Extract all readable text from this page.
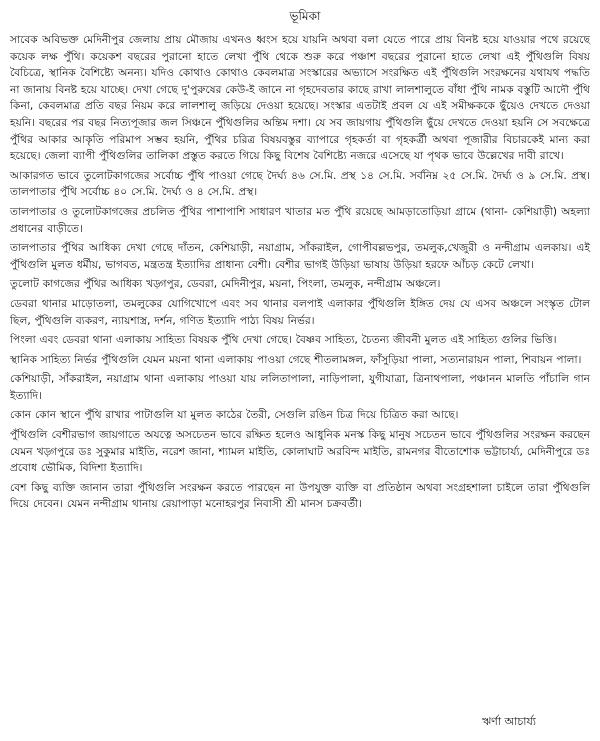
ভূমিকা

সাবেক অবিভক্ত মেদিনীপুর জেলায় প্রায় মৌজায় এখনও ধ্বংস হয়ে যায়নি অথবা বলা যেতে পারে প্রায় বিনষ্ট হয়ে যাওয়ার পথে রয়েছে কয়েক লক্ষ পুঁথি। কয়েকশ বছরের পুরানো হাতে লেখা পুঁথি থেকে শুরু করে পঞ্চাশ বছরের পুরানো হাতে লেখা এই পুঁথিগুলি বিষয় বৈচিত্রে, স্থানিক বৈশিষ্ট্যে অনন্য। যদিও কোথাও কোথাও কেবলমাত্র সংস্কারের অভ্যাসে সংরক্ষিত এই পুঁথিগুলি সংরক্ষনের যথাযথ পদ্ধতি না জানায় বিনষ্ট হয়ে যাচ্ছে। দেখা গেছে দু'পুরুষের কেউ-ই জানে না গৃহদেবতার কাছে রাখা লালশালুতে বাঁধা পুঁথি নামক বস্তুটি আদৌ পুঁথি কিনা, কেবলমাত্র প্রতি বছর নিয়ম করে লালশালু জড়িয়ে দেওয়া হয়েছে। সংস্কার এতটাই প্রবল যে এই সমীক্ষককে ছুঁয়েও দেখতে দেওয়া হয়নি। বছরের পর বছর নিত্যপূজার জল সিঞ্চনে পুঁথিগুলির অন্তিম দশা। যে সব জায়গায় পুঁথিগুলি ছুঁয়ে দেখতে দেওয়া হয়নি সে সবক্ষেত্রে পুঁথির আকার আকৃতি পরিমাপ সম্ভব হয়নি, পুঁথির চরিত্র বিষয়বস্তুর ব্যাপারে গৃহকর্তা বা গৃহকর্ত্রী অথবা পূজারীর বিচারকেই মান্য করা হয়েছে। জেলা ব্যাপী পুঁথিগুলির তালিকা প্রস্তুত করতে গিয়ে কিছু বিশেষ বৈশিষ্ট্যে নজরে এসেছে যা পৃথক ভাবে উল্লেখের দাবী রাখে।

আকারগত ভাবে তুলোটকাগজের সর্বোচ্চ পুঁথি পাওয়া গেছে দৈর্ঘ্য ৪৬ সে.মি. প্রস্থ ১৪ সে.মি. সর্বনিম্ন ২৫ সে.মি. দৈর্ঘ্য ও ৯ সে.মি. প্রস্থ। তালপাতার পুঁথি সর্বোচ্চ ৪০ সে.মি. দৈর্ঘ্য ও ৪ সে.মি. প্রস্থ।

তালপাতার ও তুলোটকাগজের প্রচলিত পুঁথির পাশাপাশি সাধারণ খাতার মত পুঁথি রয়েছে আমড়াতোড়িয়া গ্রামে (থানা- কেশিয়াড়ী) অহল্যা প্রধানের বাড়ীতে।

তালপাতার পুঁথির আধিক্য দেখা গেছে দাঁতন, কেশিয়াড়ী, নয়াগ্রাম, সাঁকরাইল, গোপীবল্লভপুর, তমলুক,খেজুরী ও নন্দীগ্রাম এলকায়। এই পুঁথিগুলি মুলত ধর্মীয়, ভাগবত, মন্ত্রতন্ত্র ইত্যাদির প্রাধান্য বেশী। বেশীর ভাগই উড়িয়া ভাষায় উড়িয়া হরফে আঁচড় কেটে লেখা।

তুলোট কাগজের পুঁথির আধিক্য খড়্গপুর, ডেবরা, মেদিনীপুর, ময়না, পিংলা, তমলুক, নন্দীগ্রাম অঞ্চলে।

ডেবরা থানার মাড়োতলা, তমলুকের যোগিখোপে এবং সব থানার বলপাই এলাকার পুঁথিগুলি ইঙ্গিত দেয় যে এসব অঞ্চলে সংস্কৃত টোল ছিল, পুঁথিগুলি ব্যকরণ, ন্যায়শাস্ত্র, দর্শন, গণিত ইত্যাদি পাঠ্য বিষয় নির্ভর।

পিংলা এবং ডেবরা থানা এলাকায় সাহিত্য বিষয়ক পুঁথি দেখা গেছে। বৈষ্ণব সাহিত্য, চৈতন্য জীবনী মুলত এই সাহিত্য গুলির ভিত্তি।

স্থানিক সাহিত্য নির্ভর পুঁথিগুলি যেমন ময়না থানা এলাকায় পাওয়া গেছে শীতলামঙ্গল, ফাঁসুড়িয়া পালা, সত্যনারায়ন পালা, শিবায়ন পালা।

কেশিয়াড়ী, সাঁকরাইল, নয়াগ্রাম থানা এলাকায় পাওয়া যায় ললিতাপালা, নাড়িপালা, যুগীযাত্রা, ত্রিনাথপালা, পঞ্চানন মালতি পাঁচালি গান ইত্যাদি।

কোন কোন স্থানে পুঁথি রাখার পাটাগুলি যা মুলত কাঠের তৈরী, সেগুলি রঙিন চিত্র দিয়ে চিত্রিত করা আছে।

পুঁথিগুলি বেশীরভাগ জায়গাতে অযত্নে অসচেতন ভাবে রক্ষিত হলেও আধুনিক মনস্ক কিছু মানুষ সচেতন ভাবে পুঁথিগুলির সংরক্ষন করছেন যেমন খড়্গপুরে ডঃ সুকুমার মাইতি, নরেশ জানা, শ্যামল মাইতি, কোলাঘাট অরবিন্দ মাইতি, রামনগর বীতোশোক ভট্টাচার্য্য, মেদিনীপুরে ডঃ প্রবোধ ভৌমিক, বিদিশা ইত্যাদি।

বেশ কিছু ব্যক্তি জানান তারা পুঁথিগুলি সংরক্ষন করতে পারছেন না উপযুক্ত ব্যক্তি বা প্রতিষ্ঠান অথবা সংগ্রহশালা চাইলে তারা পুঁথিগুলি দিয়ে দেবেন। যেমন নন্দীগ্রাম থানায় রেয়াপাড়া মনোহরপুর নিবাসী শ্রী মানস চক্রবর্তী।

ঋর্ণা আচার্য্য
